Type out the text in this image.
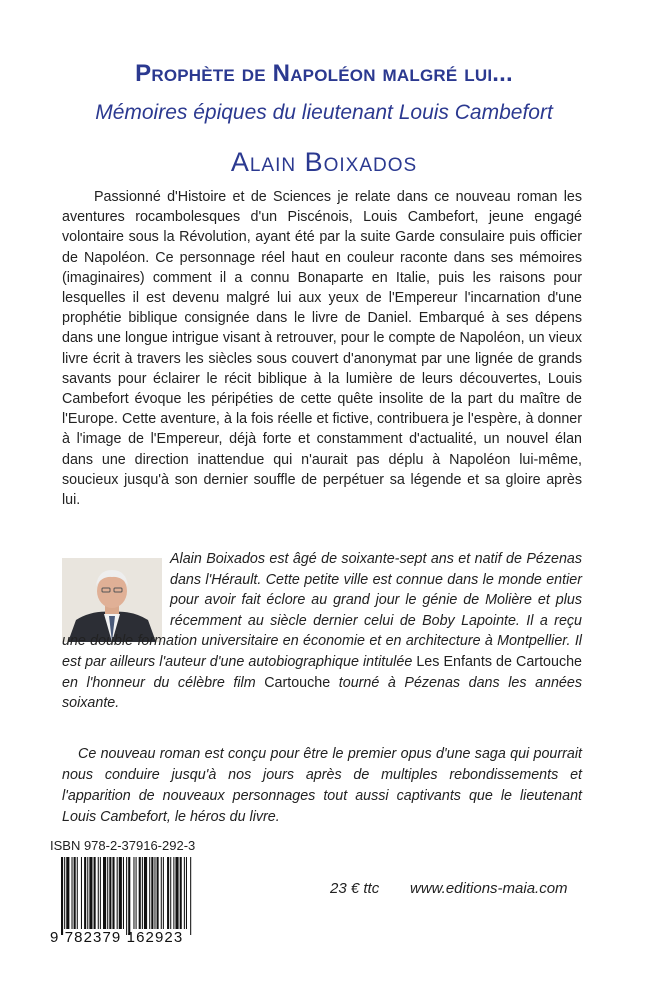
Prophète de Napoléon malgré lui...
Mémoires épiques du lieutenant Louis Cambefort
Alain Boixados

Passionné d'Histoire et de Sciences je relate dans ce nouveau roman les aventures rocambolesques d'un Piscénois, Louis Cambefort, jeune engagé volontaire sous la Révolution, ayant été par la suite Garde consulaire puis officier de Napoléon. Ce personnage réel haut en couleur raconte dans ses mémoires (imaginaires) comment il a connu Bonaparte en Italie, puis les raisons pour lesquelles il est devenu malgré lui aux yeux de l'Empereur l'incarnation d'une prophétie biblique consignée dans le livre de Daniel. Embarqué à ses dépens dans une longue intrigue visant à retrouver, pour le compte de Napoléon, un vieux livre écrit à travers les siècles sous couvert d'anonymat par une lignée de grands savants pour éclairer le récit biblique à la lumière de leurs découvertes, Louis Cambefort évoque les péripéties de cette quête insolite de la part du maître de l'Europe. Cette aventure, à la fois réelle et fictive, contribuera je l'espère, à donner à l'image de l'Empereur, déjà forte et constamment d'actualité, un nouvel élan dans une direction inattendue qui n'aurait pas déplu à Napoléon lui-même, soucieux jusqu'à son dernier souffle de perpétuer sa légende et sa gloire après lui.

Alain Boixados est âgé de soixante-sept ans et natif de Pézenas dans l'Hérault. Cette petite ville est connue dans le monde entier pour avoir fait éclore au grand jour le génie de Molière et plus récemment au siècle dernier celui de Boby Lapointe. Il a reçu une double formation universitaire en économie et en architecture à Montpellier. Il est par ailleurs l'auteur d'une autobiographique intitulée Les Enfants de Cartouche en l'honneur du célèbre film Cartouche tourné à Pézenas dans les années soixante.

Ce nouveau roman est conçu pour être le premier opus d'une saga qui pourrait nous conduire jusqu'à nos jours après de multiples rebondissements et l'apparition de nouveaux personnages tout aussi captivants que le lieutenant Louis Cambefort, le héros du livre.

ISBN 978-2-37916-292-3
9 782379 162923
23 € ttc www.editions-maia.com
